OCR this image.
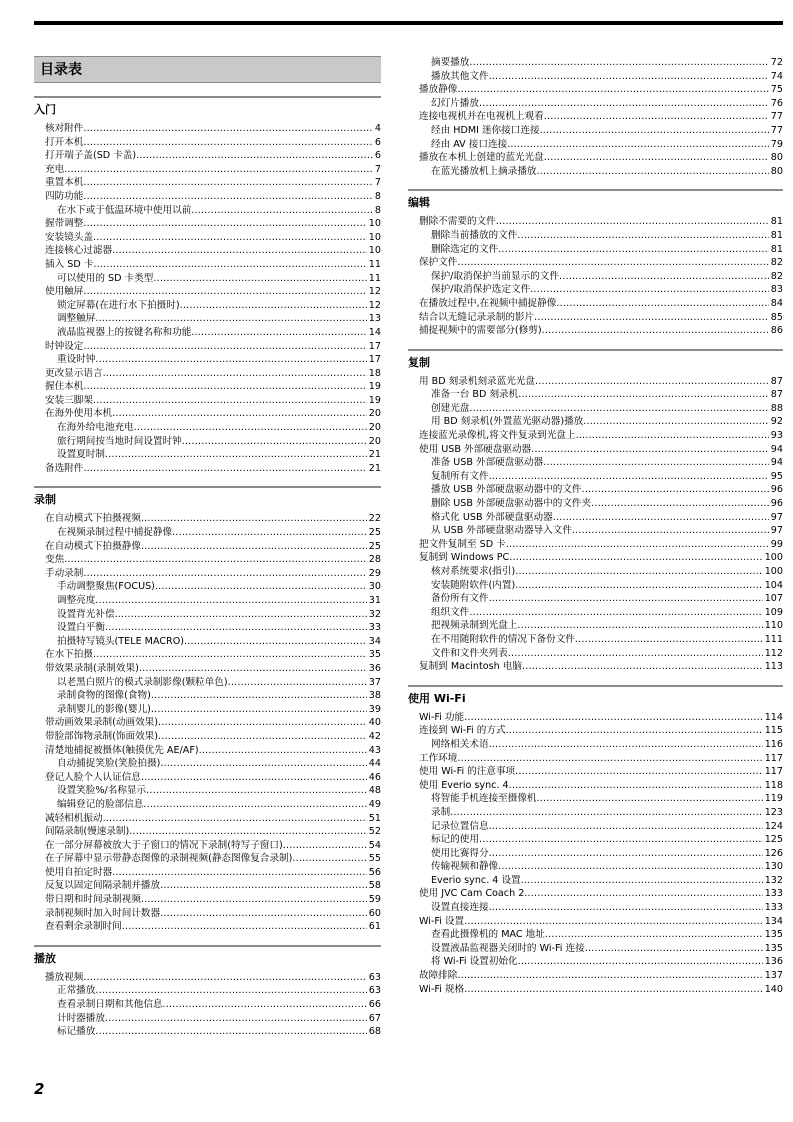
目录表
入门
核对附件 .....	4
打开本机 .....	6
打开端子盖(SD 卡盖) .....	6
充电 .....	7
重置本机 .....	7
四防功能 .....	8
在水下或于低温环境中使用以前 .....	8
握带调整 .....	10
安装镜头盖 .....	10
连接核心过滤器 .....	10
插入 SD 卡 .....	11
可以使用的 SD 卡类型 .....	11
使用触屏 .....	12
锁定屏幕(在进行水下拍摄时) .....	12
调整触屏 .....	13
液晶监视器上的按键名称和功能 .....	14
时钟设定 .....	17
重设时钟 .....	17
更改显示语言 .....	18
握住本机 .....	19
安装三脚架 .....	19
在海外使用本机 .....	20
在海外给电池充电 .....	20
旅行期间按当地时间设置时钟 .....	20
设置夏时制 .....	21
备选附件 .....	21
录制
在自动模式下拍摄视频 .....	22
在视频录制过程中捕捉静像 .....	25
在自动模式下拍摄静像 .....	25
变焦 .....	28
手动录制 .....	29
手动调整聚焦(FOCUS) .....	30
调整亮度 .....	31
设置背光补偿 .....	32
设置白平衡 .....	33
拍摄特写镜头(TELE MACRO) .....	34
在水下拍摄 .....	35
带效果录制(录制效果) .....	36
以老黑白照片的模式录制影像(颗粒单色) .....	37
录制食物的图像(食物) .....	38
录制婴儿的影像(婴儿) .....	39
带动画效果录制(动画效果) .....	40
带脸部饰物录制(饰面效果) .....	42
清楚地捕捉被摄体(触摸优先 AE/AF) .....	43
自动捕捉笑脸(笑脸拍摄) .....	44
登记人脸个人认证信息 .....	46
设置笑脸%/名称显示 .....	48
编辑登记的脸部信息 .....	49
减轻相机振动 .....	51
间隔录制(慢速录制) .....	52
在一部分屏幕被放大于子窗口的情况下录制(特写子窗口) .....	54
在子屏幕中显示带静态图像的录制视频(静态图像复合录制) .....	55
使用自拍定时器 .....	56
反复以固定间隔录制并播放 .....	58
带日期和时间录制视频 .....	59
录制视频时加入时间计数器 .....	60
查看剩余录制时间 .....	61
播放
播放视频 .....	63
正常播放 .....	63
查看录制日期和其他信息 .....	66
计时器播放 .....	67
标记播放 .....	68
摘要播放 .....	72
播放其他文件 .....	74
播放静像 .....	75
幻灯片播放 .....	76
连接电视机并在电视机上观看 .....	77
经由 HDMI 迷你接口连接 .....	77
经由 AV 接口连接 .....	79
播放在本机上创建的蓝光光盘 .....	80
在蓝光播放机上摘录播放 .....	80
编辑
删除不需要的文件 .....	81
删除当前播放的文件 .....	81
删除选定的文件 .....	81
保护文件 .....	82
保护/取消保护当前显示的文件 .....	82
保护/取消保护选定文件 .....	83
在播放过程中,在视频中捕捉静像 .....	84
结合以无缝记录录制的影片 .....	85
捕捉视频中的需要部分(修剪) .....	86
复制
用 BD 刻录机刻录蓝光光盘 .....	87
准备一台 BD 刻录机 .....	87
创建光盘 .....	88
用 BD 刻录机(外置蓝光驱动器)播放 .....	92
连接蓝光录像机,将文件复录到光盘上 .....	93
使用 USB 外部硬盘驱动器 .....	94
准备 USB 外部硬盘驱动器 .....	94
复制所有文件 .....	95
播放 USB 外部硬盘驱动器中的文件 .....	96
删除 USB 外部硬盘驱动器中的文件夹 .....	96
格式化 USB 外部硬盘驱动器 .....	97
从 USB 外部硬盘驱动器导入文件 .....	97
把文件复制至 SD 卡 .....	99
复制到 Windows PC .....	100
核对系统要求(指引) .....	100
安装随附软件(内置) .....	104
备份所有文件 .....	107
组织文件 .....	109
把视频录制到光盘上 .....	110
在不用随附软件的情况下备份文件 .....	111
文件和文件夹列表 .....	112
复制到 Macintosh 电脑 .....	113
使用 Wi-Fi
Wi-Fi 功能 .....	114
连接到 Wi-Fi 的方式 .....	115
网络相关术语 .....	116
工作环境 .....	117
使用 Wi-Fi 的注意事项 .....	117
使用 Everio sync. 4 .....	118
将智能手机连接至摄像机 .....	119
录制 .....	123
记录位置信息 .....	124
标记的使用 .....	125
使用比赛得分 .....	126
传输视频和静像 .....	130
Everio sync. 4 设置 .....	132
使用 JVC Cam Coach 2 .....	133
设置直接连接 .....	133
Wi-Fi 设置 .....	134
查看此摄像机的 MAC 地址 .....	135
设置液晶监视器关闭时的 Wi-Fi 连接 .....	135
将 Wi-Fi 设置初始化 .....	136
故障排除 .....	137
Wi-Fi 规格 .....	140
2
